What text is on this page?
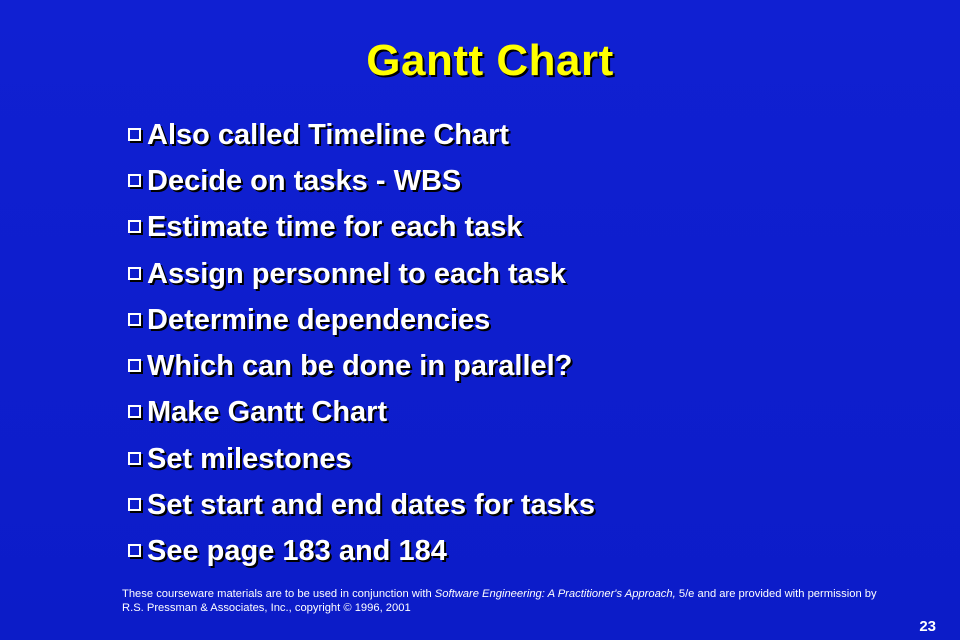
Gantt Chart
Also called Timeline Chart
Decide on tasks - WBS
Estimate time for each task
Assign personnel to each task
Determine dependencies
Which can be done in parallel?
Make Gantt Chart
Set milestones
Set start and end dates for tasks
See page 183 and 184
These courseware materials are to be used in conjunction with Software Engineering: A Practitioner's Approach, 5/e and are provided with permission by R.S. Pressman & Associates, Inc., copyright © 1996, 2001
23
